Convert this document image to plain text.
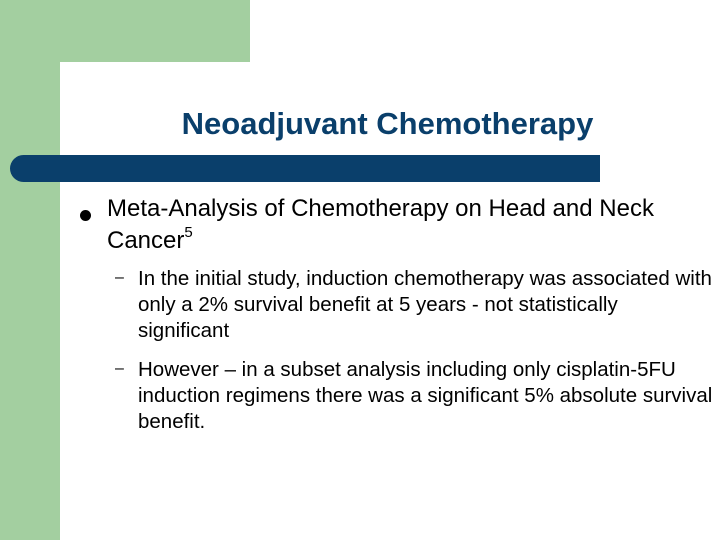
Neoadjuvant Chemotherapy
Meta-Analysis of Chemotherapy on Head and Neck Cancer$^5$
– In the initial study, induction chemotherapy was associated with only a 2% survival benefit at 5 years - not statistically significant
– However – in a subset analysis including only cisplatin-5FU induction regimens there was a significant 5% absolute survival benefit.
